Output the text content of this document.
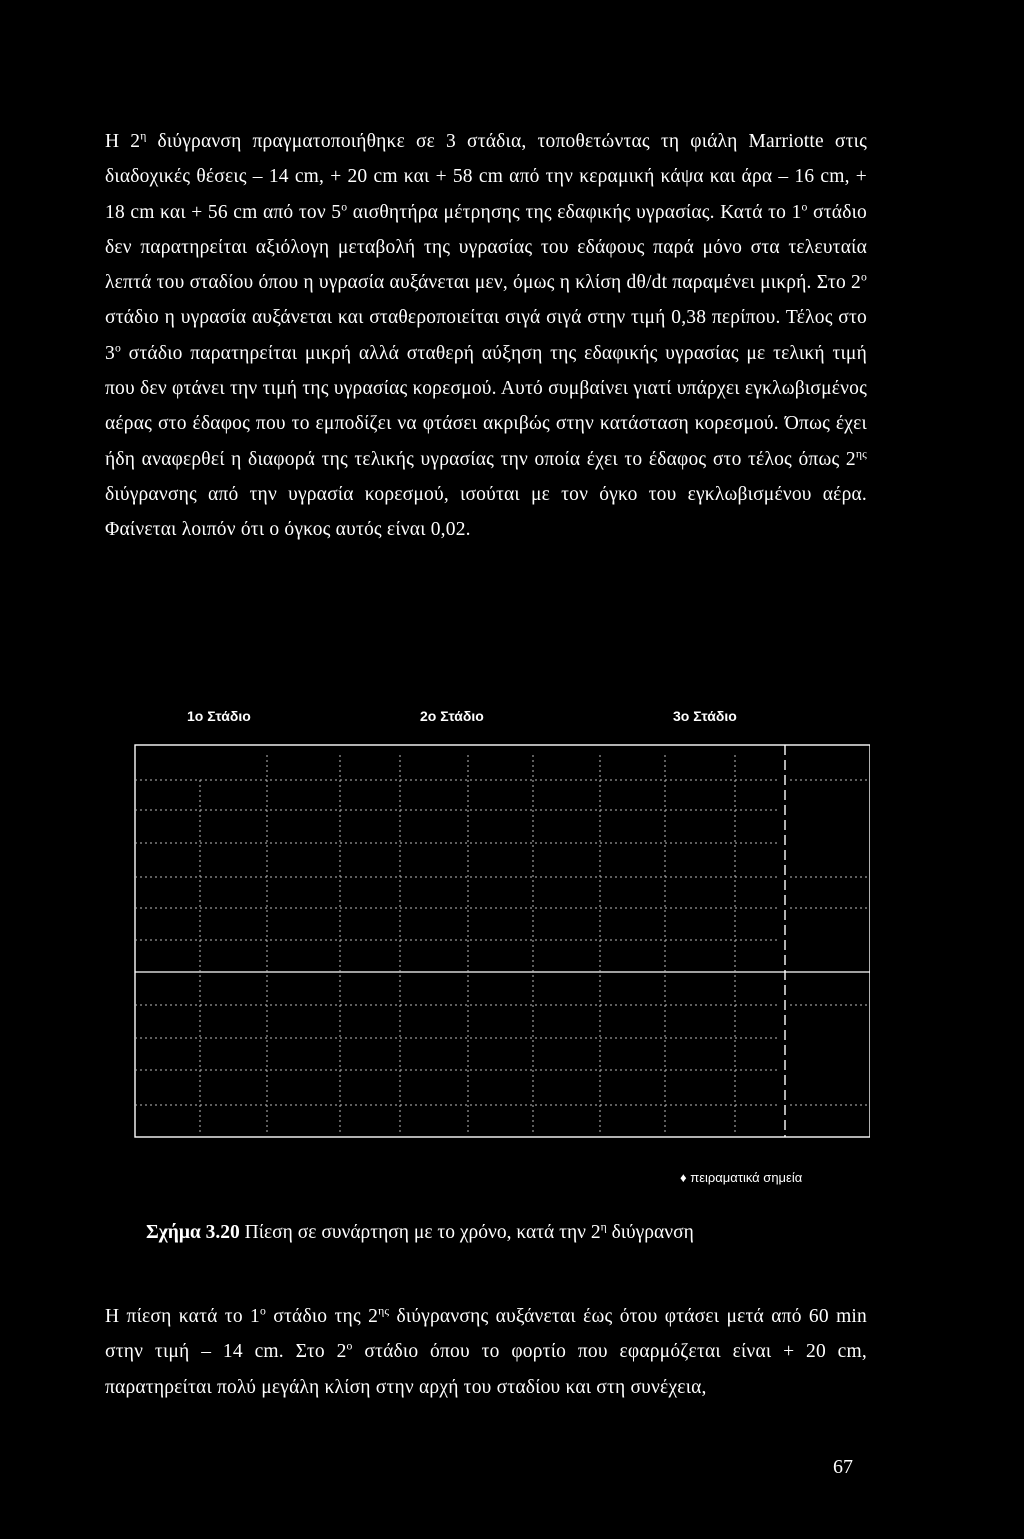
Η $2^\eta$ διύγρανση πραγματοποιήθηκε σε 3 στάδια, τοποθετώντας τη φιάλη Marriotte στις διαδοχικές θέσεις – 14 cm, + 20 cm και + 58 cm από την κεραμική κάψα και άρα – 16 cm, + 18 cm και + 56 cm από τον $5^o$ αισθητήρα μέτρησης της εδαφικής υγρασίας. Κατά το $1^o$ στάδιο δεν παρατηρείται αξιόλογη μεταβολή της υγρασίας του εδάφους παρά μόνο στα τελευταία λεπτά του σταδίου όπου η υγρασία αυξάνεται μεν, όμως η κλίση dθ/dt παραμένει μικρή. Στο $2^o$ στάδιο η υγρασία αυξάνεται και σταθεροποιείται σιγά σιγά στην τιμή 0,38 περίπου. Τέλος στο $3^o$ στάδιο παρατηρείται μικρή αλλά σταθερή αύξηση της εδαφικής υγρασίας με τελική τιμή που δεν φτάνει την τιμή της υγρασίας κορεσμού. Αυτό συμβαίνει γιατί υπάρχει εγκλωβισμένος αέρας στο έδαφος που το εμποδίζει να φτάσει ακριβώς στην κατάσταση κορεσμού. Όπως έχει ήδη αναφερθεί η διαφορά της τελικής υγρασίας την οποία έχει το έδαφος στο τέλος όπως $2^{\eta\varsigma}$ διύγρανσης από την υγρασία κορεσμού, ισούται με τον όγκο του εγκλωβισμένου αέρα. Φαίνεται λοιπόν ότι ο όγκος αυτός είναι 0,02.

1ο Στάδιο	2ο Στάδιο	3ο Στάδιο
♦ πειραματικά σημεία
Σχήμα 3.20 Πίεση σε συνάρτηση με το χρόνο, κατά την $2^\eta$ διύγρανση

Η πίεση κατά το $1^o$ στάδιο της $2^{\eta\varsigma}$ διύγρανσης αυξάνεται έως ότου φτάσει μετά από 60 min στην τιμή – 14 cm. Στο $2^o$ στάδιο όπου το φορτίο που εφαρμόζεται είναι + 20 cm, παρατηρείται πολύ μεγάλη κλίση στην αρχή του σταδίου και στη συνέχεια,

67
